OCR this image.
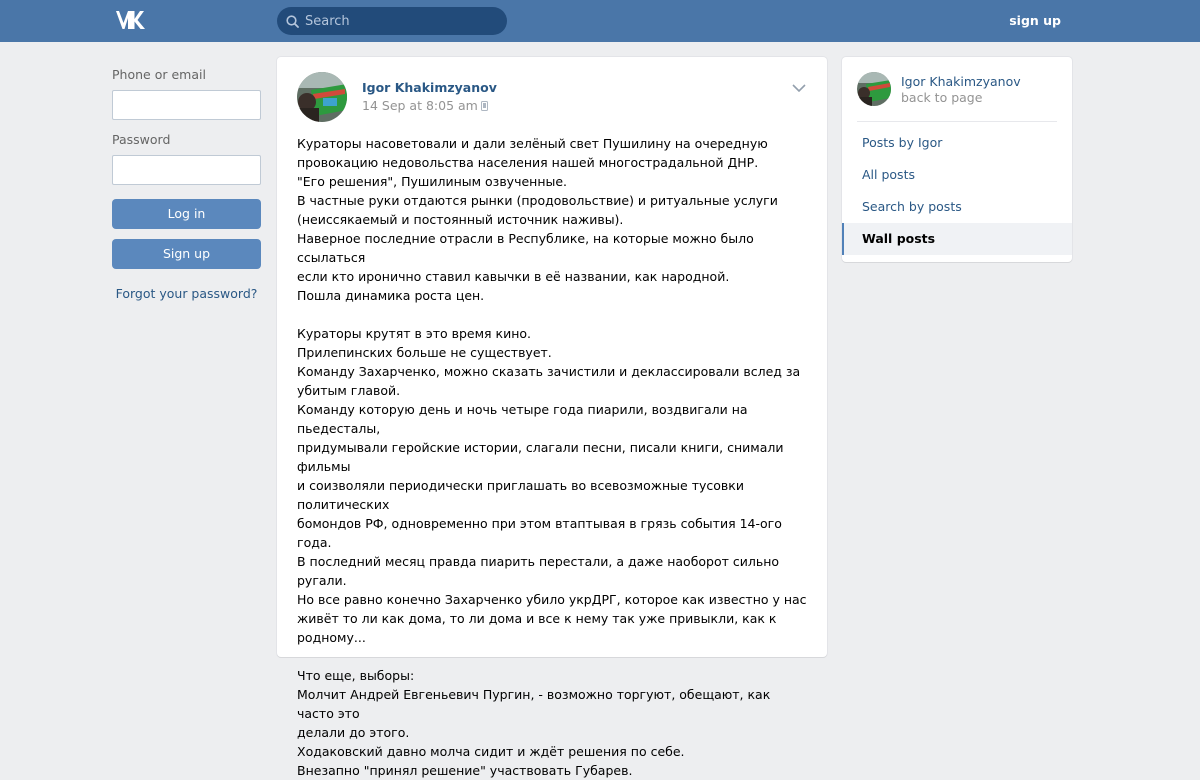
Search
sign up
Phone or email
Password
Log in
Sign up
Forgot your password?
Igor Khakimzyanov
14 Sep at 8:05 am
Кураторы насоветовали и дали зелёный свет Пушилину на очередную
провокацию недовольства населения нашей многострадальной ДНР.
"Его решения", Пушилиным озвученные.
В частные руки отдаются рынки (продовольствие) и ритуальные услуги
(неиссякаемый и постоянный источник наживы).
Наверное последние отрасли в Республике, на которые можно было ссылаться
если кто иронично ставил кавычки в её названии, как народной.
Пошла динамика роста цен.

Кураторы крутят в это время кино.
Прилепинских больше не существует.
Команду Захарченко, можно сказать зачистили и деклассировали вслед за
убитым главой.
Команду которую день и ночь четыре года пиарили, воздвигали на пьедесталы,
придумывали геройские истории, слагали песни, писали книги, снимали фильмы
и соизволяли периодически приглашать во всевозможные тусовки политических
бомондов РФ, одновременно при этом втаптывая в грязь события 14-ого года.
В последний месяц правда пиарить перестали, а даже наоборот сильно ругали.
Но все равно конечно Захарченко убило укрДРГ, которое как известно у нас
живёт то ли как дома, то ли дома и все к нему так уже привыкли, как к родному...

Что еще, выборы:
Молчит Андрей Евгеньевич Пургин, - возможно торгуют, обещают, как часто это
делали до этого.
Ходаковский давно молча сидит и ждёт решения по себе.
Внезапно "принял решение" участвовать Губарев.
Igor Khakimzyanov
back to page
Posts by Igor
All posts
Search by posts
Wall posts
